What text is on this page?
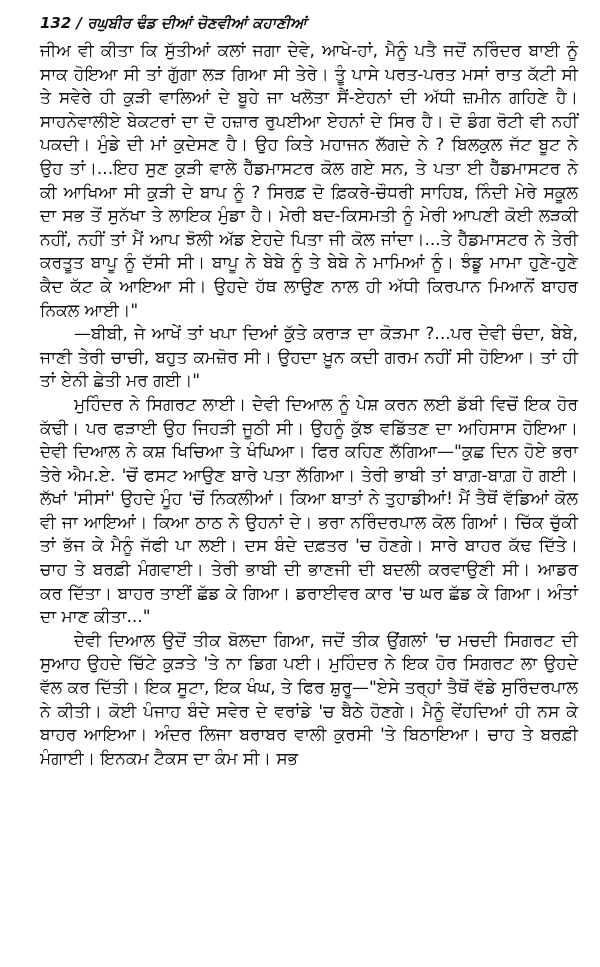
132 / ਰਘੁਬੀਰ ਢੰਡ ਦੀਆਂ ਚੋਣਵੀਆਂ ਕਹਾਣੀਆਂ

ਜੀਅ ਵੀ ਕੀਤਾ ਕਿ ਸੁੱਤੀਆਂ ਕਲਾਂ ਜਗਾ ਦੇਵੇ, ਆਖੇ-ਹਾਂ, ਮੈਨੂੰ ਪਤੈ ਜਦੋਂ ਨਰਿੰਦਰ ਬਾਈ ਨੂੰ ਸਾਕ ਹੋਇਆ ਸੀ ਤਾਂ ਗੁੱਗਾ ਲੜ ਗਿਆ ਸੀ ਤੇਰੇ। ਤੂੰ ਪਾਸੇ ਪਰਤ-ਪਰਤ ਮਸਾਂ ਰਾਤ ਕੱਟੀ ਸੀ ਤੇ ਸਵੇਰੇ ਹੀ ਕੁੜੀ ਵਾਲਿਆਂ ਦੇ ਬੂਹੇ ਜਾ ਖਲੋਤਾ ਸੈਂ-ਏਹਨਾਂ ਦੀ ਅੱਧੀ ਜ਼ਮੀਨ ਗਹਿਣੇ ਹੈ। ਸਾਹਨੇਵਾਲੀਏ ਬੇਕਟਰਾਂ ਦਾ ਦੋ ਹਜ਼ਾਰ ਰੁਪਈਆ ਏਹਨਾਂ ਦੇ ਸਿਰ ਹੈ। ਦੋ ਡੰਗ ਰੋਟੀ ਵੀ ਨਹੀਂ ਪਕਦੀ। ਮੁੰਡੇ ਦੀ ਮਾਂ ਕੁਦੇਸਣ ਹੈ। ਉਹ ਕਿਤੇ ਮਹਾਜਨ ਲੱਗਦੇ ਨੇ ? ਬਿਲਕੁਲ ਜੱਟ ਬੂਟ ਨੇ ਉਹ ਤਾਂ।...ਇਹ ਸੁਣ ਕੁੜੀ ਵਾਲੇ ਹੈੱਡਮਾਸਟਰ ਕੋਲ ਗਏ ਸਨ, ਤੇ ਪਤਾ ਈ ਹੈੱਡਮਾਸਟਰ ਨੇ ਕੀ ਆਖਿਆ ਸੀ ਕੁੜੀ ਦੇ ਬਾਪ ਨੂੰ ? ਸਿਰਫ਼ ਦੋ ਫ਼ਿਕਰੇ-ਚੌਧਰੀ ਸਾਹਿਬ, ਨਿੰਦੀ ਮੇਰੇ ਸਕੂਲ ਦਾ ਸਭ ਤੋਂ ਸੁਨੱਖਾ ਤੇ ਲਾਇਕ ਮੁੰਡਾ ਹੈ। ਮੇਰੀ ਬਦ-ਕਿਸਮਤੀ ਨੂੰ ਮੇਰੀ ਆਪਣੀ ਕੋਈ ਲੜਕੀ ਨਹੀਂ, ਨਹੀਂ ਤਾਂ ਮੈਂ ਆਪ ਝੋਲੀ ਅੱਡ ਏਹਦੇ ਪਿਤਾ ਜੀ ਕੋਲ ਜਾਂਦਾ।...ਤੇ ਹੈੱਡਮਾਸਟਰ ਨੇ ਤੇਰੀ ਕਰਤੂਤ ਬਾਪੂ ਨੂੰ ਦੱਸੀ ਸੀ। ਬਾਪੂ ਨੇ ਬੇਬੇ ਨੂੰ ਤੇ ਬੇਬੇ ਨੇ ਮਾਮਿਆਂ ਨੂੰ। ਝੰਡੂ ਮਾਮਾ ਹੁਣੇ-ਹੁਣੇ ਕੈਦ ਕੱਟ ਕੇ ਆਇਆ ਸੀ। ਉਹਦੇ ਹੱਥ ਲਾਉਣ ਨਾਲ ਹੀ ਅੱਧੀ ਕਿਰਪਾਨ ਮਿਆਨੋਂ ਬਾਹਰ ਨਿਕਲ ਆਈ।"

—ਬੀਬੀ, ਜੇ ਆਖੇਂ ਤਾਂ ਖਪਾ ਦਿਆਂ ਕੁੱਤੇ ਕਰਾੜ ਦਾ ਕੋੜਮਾ ?...ਪਰ ਦੇਵੀ ਚੰਦਾ, ਬੇਬੇ, ਜਾਣੀ ਤੇਰੀ ਚਾਚੀ, ਬਹੁਤ ਕਮਜ਼ੋਰ ਸੀ। ਉਹਦਾ ਖ਼ੂਨ ਕਦੀ ਗਰਮ ਨਹੀਂ ਸੀ ਹੋਇਆ। ਤਾਂ ਹੀ ਤਾਂ ਏਨੀ ਛੇਤੀ ਮਰ ਗਈ।"

ਮੁਹਿੰਦਰ ਨੇ ਸਿਗਰਟ ਲਾਈ। ਦੇਵੀ ਦਿਆਲ ਨੂੰ ਪੇਸ਼ ਕਰਨ ਲਈ ਡੱਬੀ ਵਿਚੋਂ ਇਕ ਹੋਰ ਕੱਢੀ। ਪਰ ਫੜਾਈ ਉਹ ਜਿਹੜੀ ਜੂਠੀ ਸੀ। ਉਹਨੂੰ ਕੁੱਝ ਵਡਿੱਤਣ ਦਾ ਅਹਿਸਾਸ ਹੋਇਆ। ਦੇਵੀ ਦਿਆਲ ਨੇ ਕਸ਼ ਖਿਚਿਆ ਤੇ ਖੰਘਿਆ। ਫਿਰ ਕਹਿਣ ਲੱਗਿਆ—"ਕੁਛ ਦਿਨ ਹੋਏ ਭਰਾ ਤੇਰੇ ਐਮ.ਏ. 'ਚੋਂ ਫਸਟ ਆਉਣ ਬਾਰੇ ਪਤਾ ਲੱਗਿਆ। ਤੇਰੀ ਭਾਬੀ ਤਾਂ ਬਾਗ਼-ਬਾਗ਼ ਹੋ ਗਈ। ਲੱਖਾਂ 'ਸੀਸਾਂ' ਉਹਦੇ ਮੂੰਹ 'ਚੋਂ ਨਿਕਲੀਆਂ। ਕਿਆ ਬਾਤਾਂ ਨੇ ਤੁਹਾਡੀਆਂ! ਮੈਂ ਤੈਥੋਂ ਵੱਡਿਆਂ ਕੋਲ ਵੀ ਜਾ ਆਇਆਂ। ਕਿਆ ਠਾਠ ਨੇ ਉਹਨਾਂ ਦੇ। ਭਰਾ ਨਰਿੰਦਰਪਾਲ ਕੋਲ ਗਿਆਂ। ਚਿੱਕ ਚੁੱਕੀ ਤਾਂ ਭੱਜ ਕੇ ਮੈਨੂੰ ਜੱਫੀ ਪਾ ਲਈ। ਦਸ ਬੰਦੇ ਦਫ਼ਤਰ 'ਚ ਹੋਣਗੇ। ਸਾਰੇ ਬਾਹਰ ਕੱਢ ਦਿੱਤੇ। ਚਾਹ ਤੇ ਬਰਫ਼ੀ ਮੰਗਵਾਈ। ਤੇਰੀ ਭਾਬੀ ਦੀ ਭਾਣਜੀ ਦੀ ਬਦਲੀ ਕਰਵਾਉਣੀ ਸੀ। ਆਡਰ ਕਰ ਦਿੱਤਾ। ਬਾਹਰ ਤਾਈਂ ਛੱਡ ਕੇ ਗਿਆ। ਡਰਾਈਵਰ ਕਾਰ 'ਚ ਘਰ ਛੱਡ ਕੇ ਗਿਆ। ਅੰਤਾਂ ਦਾ ਮਾਣ ਕੀਤਾ..."

ਦੇਵੀ ਦਿਆਲ ਉਦੋਂ ਤੀਕ ਬੋਲਦਾ ਗਿਆ, ਜਦੋਂ ਤੀਕ ਉਂਗਲਾਂ 'ਚ ਮਚਦੀ ਸਿਗਰਟ ਦੀ ਸੁਆਹ ਉਹਦੇ ਚਿੱਟੇ ਕੁੜਤੇ 'ਤੇ ਨਾ ਡਿਗ ਪਈ। ਮੁਹਿੰਦਰ ਨੇ ਇਕ ਹੋਰ ਸਿਗਰਟ ਲਾ ਉਹਦੇ ਵੱਲ ਕਰ ਦਿੱਤੀ। ਇਕ ਸੂਟਾ, ਇਕ ਖੰਘ, ਤੇ ਫਿਰ ਸ਼ੁਰੂ—"ਏਸੇ ਤਰ੍ਹਾਂ ਤੈਥੋਂ ਵੱਡੇ ਸੁਰਿੰਦਰਪਾਲ ਨੇ ਕੀਤੀ। ਕੋਈ ਪੰਜਾਹ ਬੰਦੇ ਸਵੇਰ ਦੇ ਵਰਾਂਡੇ 'ਚ ਬੈਠੇ ਹੋਣਗੇ। ਮੈਨੂੰ ਵੇਂਹਦਿਆਂ ਹੀ ਨਸ ਕੇ ਬਾਹਰ ਆਇਆ। ਅੰਦਰ ਲਿਜਾ ਬਰਾਬਰ ਵਾਲੀ ਕੁਰਸੀ 'ਤੇ ਬਿਠਾਇਆ। ਚਾਹ ਤੇ ਬਰਫ਼ੀ ਮੰਗਾਈ। ਇਨਕਮ ਟੈਕਸ ਦਾ ਕੰਮ ਸੀ। ਸਭ
